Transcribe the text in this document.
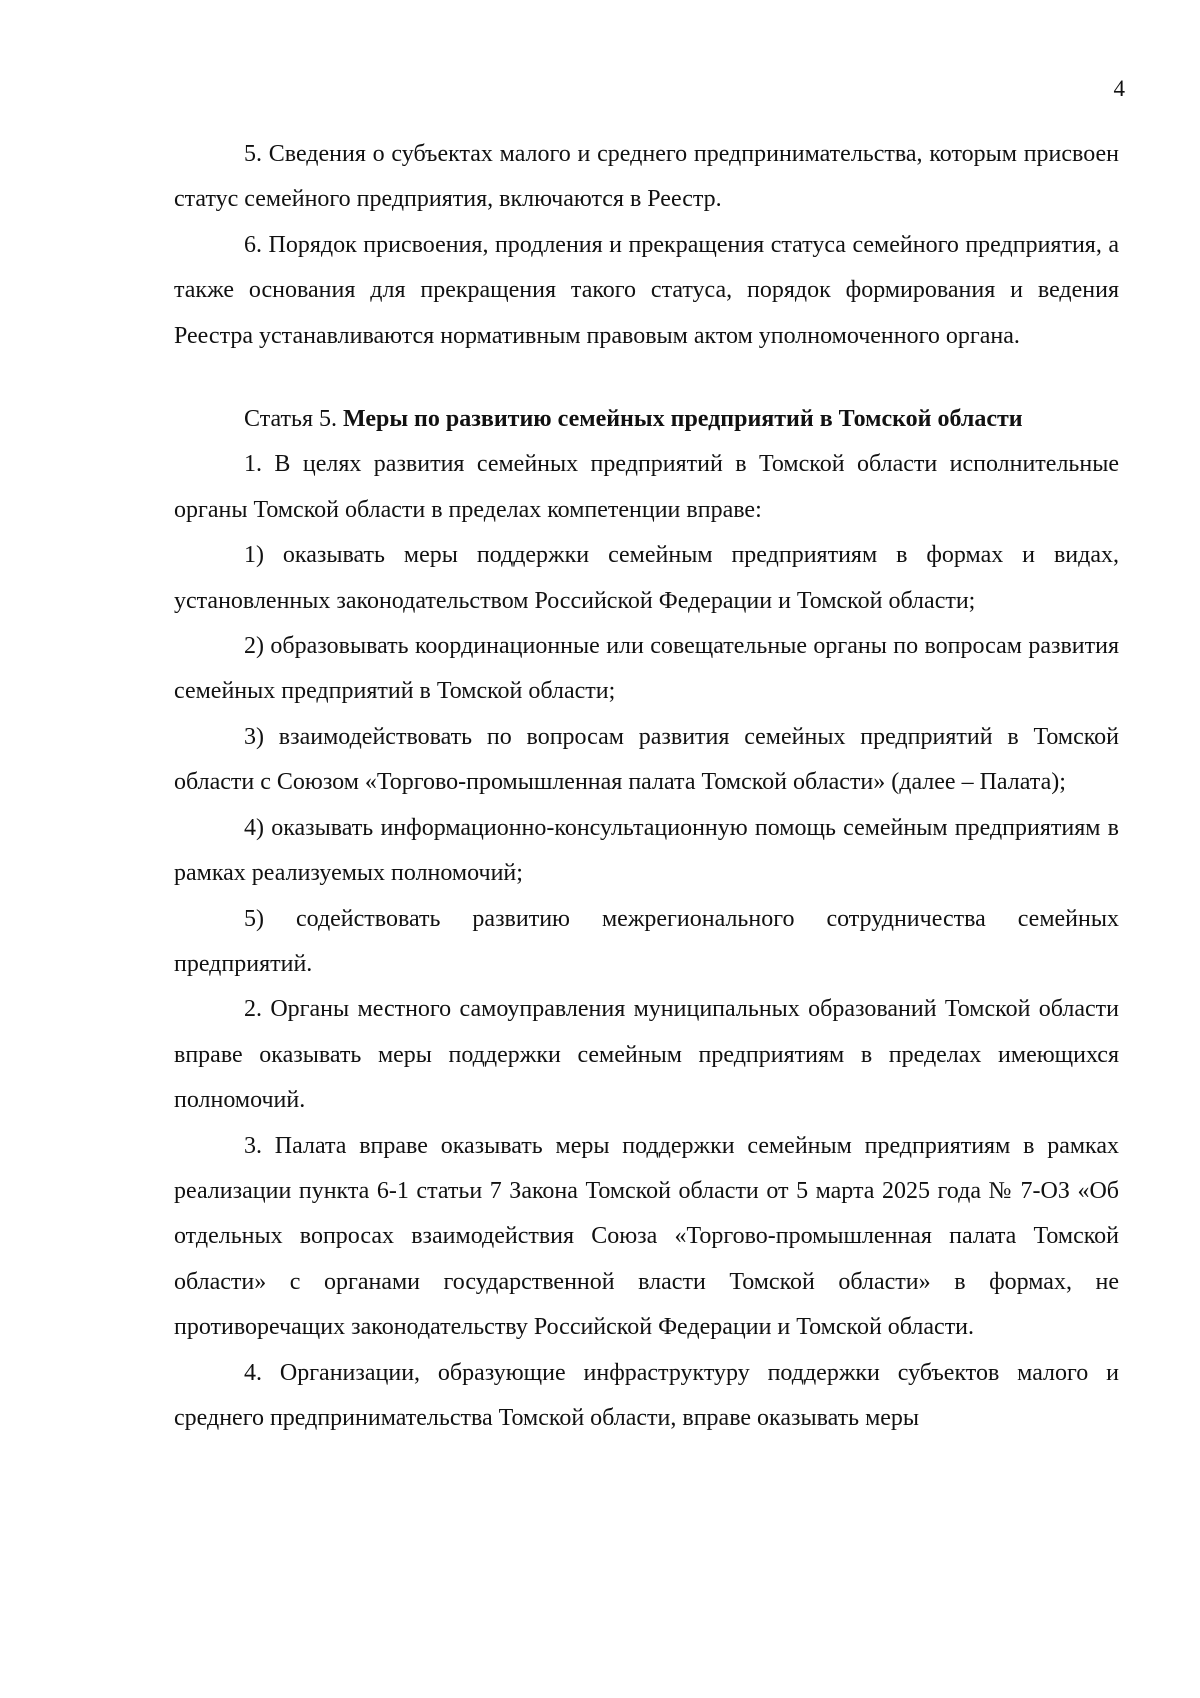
4

5. Сведения о субъектах малого и среднего предпринимательства, которым присвоен статус семейного предприятия, включаются в Реестр.

6. Порядок присвоения, продления и прекращения статуса семейного предприятия, а также основания для прекращения такого статуса, порядок формирования и ведения Реестра устанавливаются нормативным правовым актом уполномоченного органа.

Статья 5. Меры по развитию семейных предприятий в Томской области

1. В целях развития семейных предприятий в Томской области исполнительные органы Томской области в пределах компетенции вправе:

1) оказывать меры поддержки семейным предприятиям в формах и видах, установленных законодательством Российской Федерации и Томской области;

2) образовывать координационные или совещательные органы по вопросам развития семейных предприятий в Томской области;

3) взаимодействовать по вопросам развития семейных предприятий в Томской области с Союзом «Торгово-промышленная палата Томской области» (далее – Палата);

4) оказывать информационно-консультационную помощь семейным предприятиям в рамках реализуемых полномочий;

5) содействовать развитию межрегионального сотрудничества семейных предприятий.

2. Органы местного самоуправления муниципальных образований Томской области вправе оказывать меры поддержки семейным предприятиям в пределах имеющихся полномочий.

3. Палата вправе оказывать меры поддержки семейным предприятиям в рамках реализации пункта 6-1 статьи 7 Закона Томской области от 5 марта 2025 года № 7-ОЗ «Об отдельных вопросах взаимодействия Союза «Торгово-промышленная палата Томской области» с органами государственной власти Томской области» в формах, не противоречащих законодательству Российской Федерации и Томской области.

4. Организации, образующие инфраструктуру поддержки субъектов малого и среднего предпринимательства Томской области, вправе оказывать меры
